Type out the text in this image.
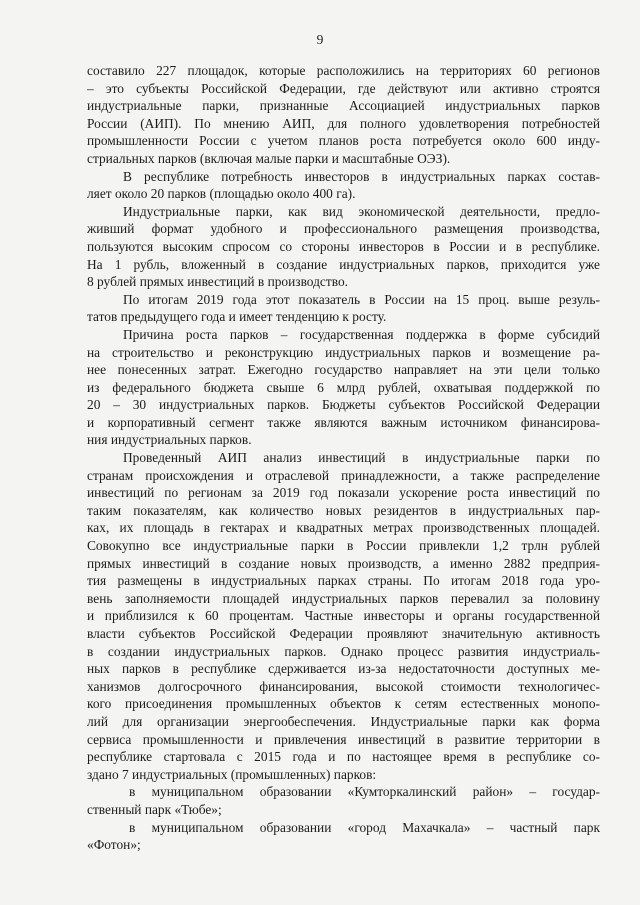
9

составило 227 площадок, которые расположились на территориях 60 регионов
– это субъекты Российской Федерации, где действуют или активно строятся
индустриальные парки, признанные Ассоциацией индустриальных парков
России (АИП). По мнению АИП, для полного удовлетворения потребностей
промышленности России с учетом планов роста потребуется около 600 инду-
стриальных парков (включая малые парки и масштабные ОЭЗ).

В республике потребность инвесторов в индустриальных парках состав-
ляет около 20 парков (площадью около 400 га).

Индустриальные парки, как вид экономической деятельности, предло-
живший формат удобного и профессионального размещения производства,
пользуются высоким спросом со стороны инвесторов в России и в республике.
На 1 рубль, вложенный в создание индустриальных парков, приходится уже
8 рублей прямых инвестиций в производство.

По итогам 2019 года этот показатель в России на 15 проц. выше резуль-
татов предыдущего года и имеет тенденцию к росту.

Причина роста парков – государственная поддержка в форме субсидий
на строительство и реконструкцию индустриальных парков и возмещение ра-
нее понесенных затрат. Ежегодно государство направляет на эти цели только
из федерального бюджета свыше 6 млрд рублей, охватывая поддержкой по
20 – 30 индустриальных парков. Бюджеты субъектов Российской Федерации
и корпоративный сегмент также являются важным источником финансирова-
ния индустриальных парков.

Проведенный АИП анализ инвестиций в индустриальные парки по
странам происхождения и отраслевой принадлежности, а также распределение
инвестиций по регионам за 2019 год показали ускорение роста инвестиций по
таким показателям, как количество новых резидентов в индустриальных пар-
ках, их площадь в гектарах и квадратных метрах производственных площадей.
Совокупно все индустриальные парки в России привлекли 1,2 трлн рублей
прямых инвестиций в создание новых производств, а именно 2882 предприя-
тия размещены в индустриальных парках страны. По итогам 2018 года уро-
вень заполняемости площадей индустриальных парков перевалил за половину
и приблизился к 60 процентам. Частные инвесторы и органы государственной
власти субъектов Российской Федерации проявляют значительную активность
в создании индустриальных парков. Однако процесс развития индустриаль-
ных парков в республике сдерживается из-за недостаточности доступных ме-
ханизмов долгосрочного финансирования, высокой стоимости технологичес-
кого присоединения промышленных объектов к сетям естественных монопо-
лий для организации энергообеспечения. Индустриальные парки как форма
сервиса промышленности и привлечения инвестиций в развитие территории в
республике стартовала с 2015 года и по настоящее время в республике со-
здано 7 индустриальных (промышленных) парков:

в муниципальном образовании «Кумторкалинский район» – государ-
ственный парк «Тюбе»;

в муниципальном образовании «город Махачкала» – частный парк
«Фотон»;
